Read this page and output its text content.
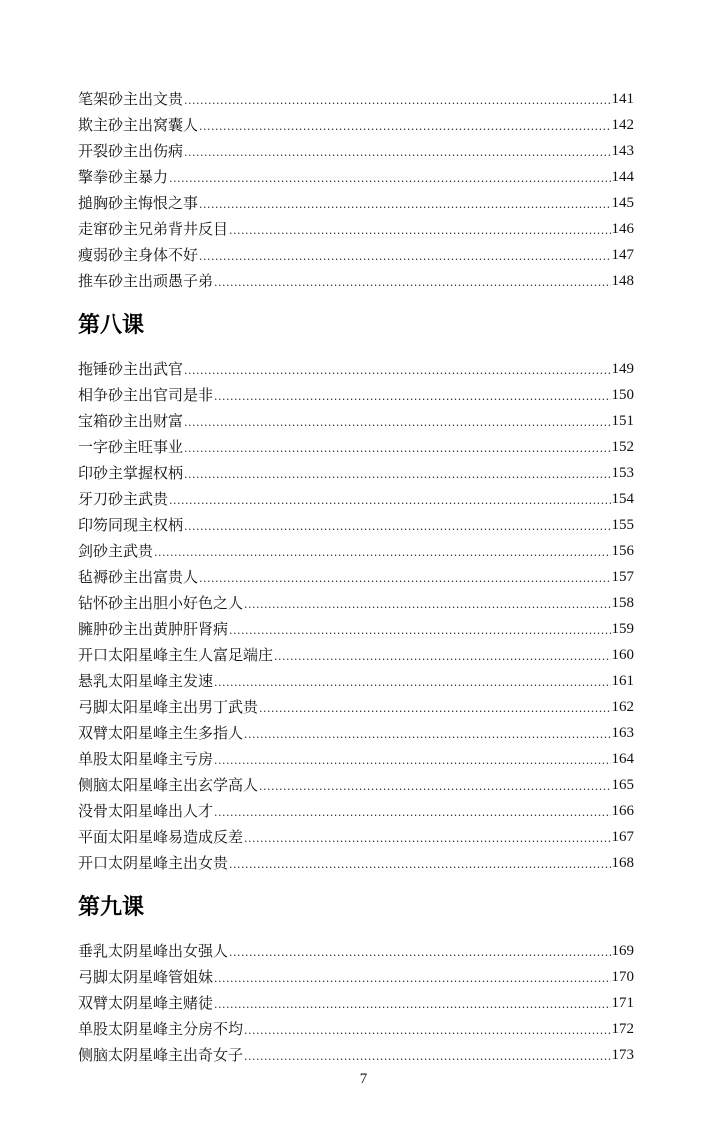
笔架砂主出文贵 .....	141
欺主砂主出窝囊人 .....	142
开裂砂主出伤病 .....	143
擎拳砂主暴力 .....	144
搥胸砂主悔恨之事 .....	145
走窜砂主兄弟背井反目 .....	146
瘦弱砂主身体不好 .....	147
推车砂主出顽愚子弟 .....	148
第八课
拖锤砂主出武官 .....	149
相争砂主出官司是非 .....	150
宝箱砂主出财富 .....	151
一字砂主旺事业 .....	152
印砂主掌握权柄 .....	153
牙刀砂主武贵 .....	154
印笏同现主权柄 .....	155
剑砂主武贵 .....	156
毡褥砂主出富贵人 .....	157
钻怀砂主出胆小好色之人 .....	158
臃肿砂主出黄肿肝肾病 .....	159
开口太阳星峰主生人富足端庄 .....	160
悬乳太阳星峰主发速 .....	161
弓脚太阳星峰主出男丁武贵 .....	162
双臂太阳星峰主生多指人 .....	163
单股太阳星峰主亏房 .....	164
侧脑太阳星峰主出玄学高人 .....	165
没骨太阳星峰出人才 .....	166
平面太阳星峰易造成反差 .....	167
开口太阴星峰主出女贵 .....	168
第九课
垂乳太阴星峰出女强人 .....	169
弓脚太阴星峰管姐妹 .....	170
双臂太阴星峰主赌徒 .....	171
单股太阴星峰主分房不均 .....	172
侧脑太阴星峰主出奇女子 .....	173
7
